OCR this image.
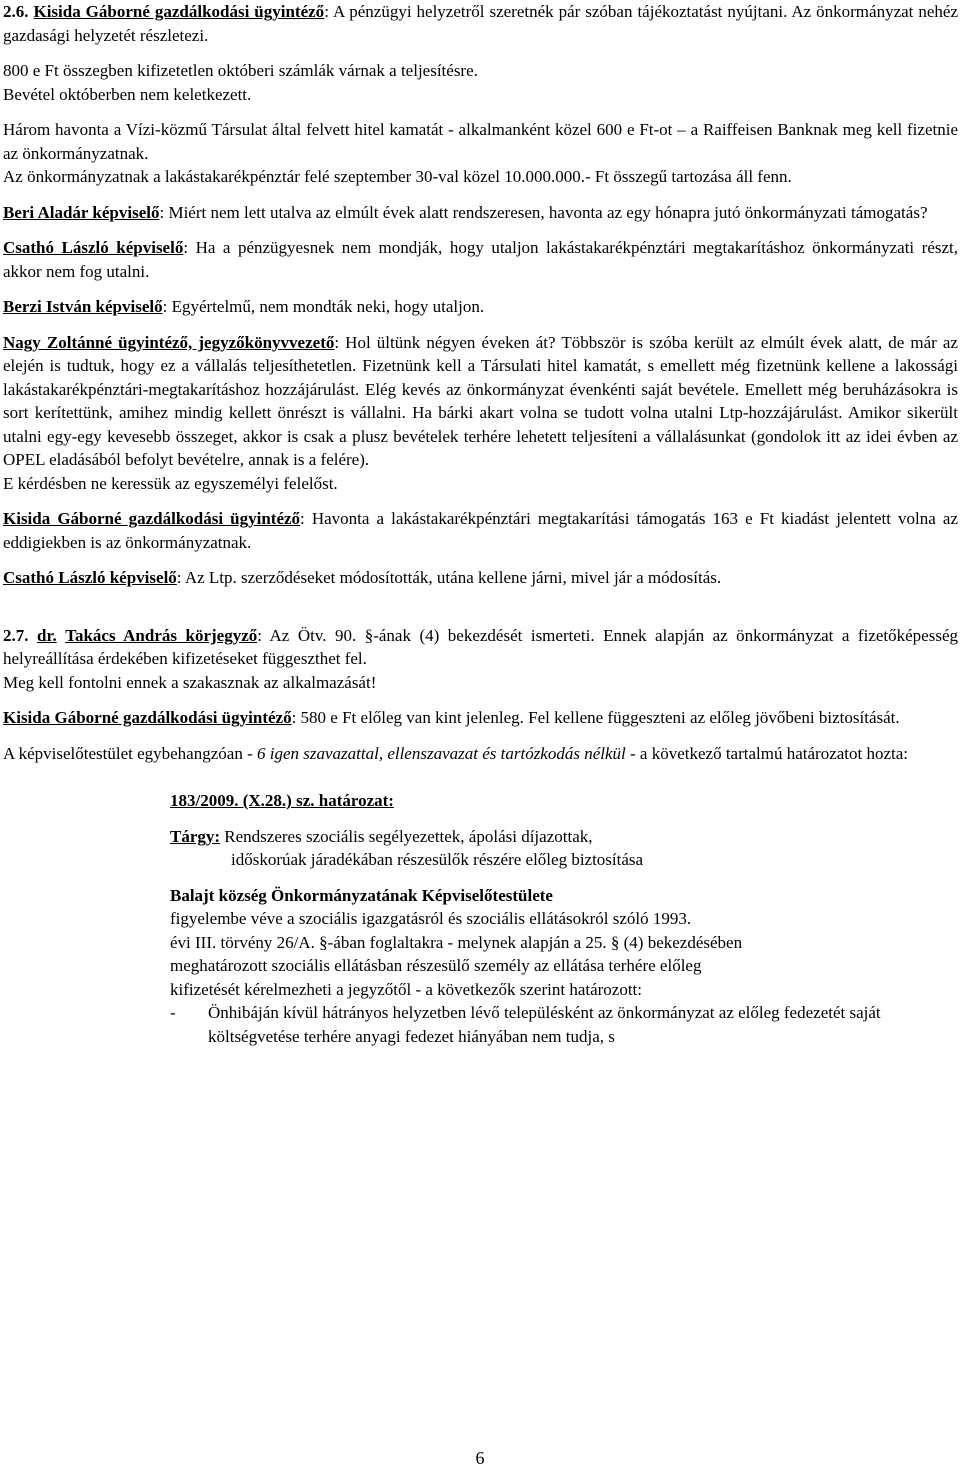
2.6. Kisida Gáborné gazdálkodási ügyintéző: A pénzügyi helyzetről szeretnék pár szóban tájékoztatást nyújtani. Az önkormányzat nehéz gazdasági helyzetét részletezi.

800 e Ft összegben kifizetetlen októberi számlák várnak a teljesítésre.

Bevétel októberben nem keletkezett.

Három havonta a Vízi-közmű Társulat által felvett hitel kamatát - alkalmanként közel 600 e Ft-ot – a Raiffeisen Banknak meg kell fizetnie az önkormányzatnak.

Az önkormányzatnak a lakástakarékpénztár felé szeptember 30-val közel 10.000.000.- Ft összegű tartozása áll fenn.

Beri Aladár képviselő: Miért nem lett utalva az elmúlt évek alatt rendszeresen, havonta az egy hónapra jutó önkormányzati támogatás?

Csathó László képviselő: Ha a pénzügyesnek nem mondják, hogy utaljon lakástakarékpénztári megtakarításhoz önkormányzati részt, akkor nem fog utalni.

Berzi István képviselő: Egyértelmű, nem mondták neki, hogy utaljon.

Nagy Zoltánné ügyintéző, jegyzőkönyvvezető: Hol ültünk négyen éveken át? Többször is szóba került az elmúlt évek alatt, de már az elején is tudtuk, hogy ez a vállalás teljesíthetetlen. Fizetnünk kell a Társulati hitel kamatát, s emellett még fizetnünk kellene a lakossági lakástakarékpénztári-megtakarításhoz hozzájárulást. Elég kevés az önkormányzat évenkénti saját bevétele. Emellett még beruházásokra is sort kerítettünk, amihez mindig kellett önrészt is vállalni. Ha bárki akart volna se tudott volna utalni Ltp-hozzájárulást. Amikor sikerült utalni egy-egy kevesebb összeget, akkor is csak a plusz bevételek terhére lehetett teljesíteni a vállalásunkat (gondolok itt az idei évben az OPEL eladásából befolyt bevételre, annak is a felére).

E kérdésben ne keressük az egyszemélyi felelőst.

Kisida Gáborné gazdálkodási ügyintéző: Havonta a lakástakarékpénztári megtakarítási támogatás 163 e Ft kiadást jelentett volna az eddigiekben is az önkormányzatnak.

Csathó László képviselő: Az Ltp. szerződéseket módosították, utána kellene járni, mivel jár a módosítás.

2.7. dr. Takács András körjegyző: Az Ötv. 90. §-ának (4) bekezdését ismerteti. Ennek alapján az önkormányzat a fizetőképesség helyreállítása érdekében kifizetéseket függeszthet fel.

Meg kell fontolni ennek a szakasznak az alkalmazását!

Kisida Gáborné gazdálkodási ügyintéző: 580 e Ft előleg van kint jelenleg. Fel kellene függeszteni az előleg jövőbeni biztosítását.

A képviselőtestület egybehangzóan - 6 igen szavazattal, ellenszavazat és tartózkodás nélkül - a következő tartalmú határozatot hozta:

183/2009. (X.28.) sz. határozat:

Tárgy: Rendszeres szociális segélyezettek, ápolási díjazottak,

időskorúak járadékában részesülők részére előleg biztosítása

Balajt község Önkormányzatának Képviselőtestülete

figyelembe véve a szociális igazgatásról és szociális ellátásokról szóló 1993.

évi III. törvény 26/A. §-ában foglaltakra - melynek alapján a 25. § (4) bekezdésében

meghatározott szociális ellátásban részesülő személy az ellátása terhére előleg

kifizetését kérelmezheti a jegyzőtől - a következők szerint határozott:

-	Önhibáján kívül hátrányos helyzetben lévő településként az önkormányzat az előleg fedezetét saját költségvetése terhére anyagi fedezet hiányában nem tudja, s
6
